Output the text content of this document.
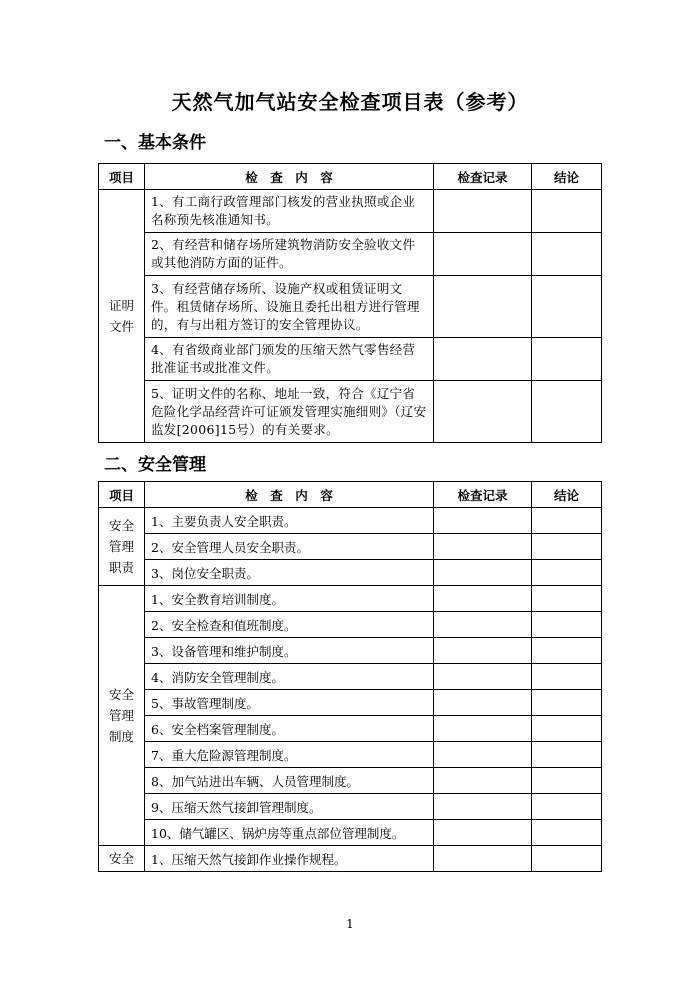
天然气加气站安全检查项目表（参考）
一、基本条件
项目	检　查　内　容	检查记录	结论
证明文件	1、有工商行政管理部门核发的营业执照或企业名称预先核准通知书。		
	2、有经营和储存场所建筑物消防安全验收文件或其他消防方面的证件。		
	3、有经营储存场所、设施产权或租赁证明文件。租赁储存场所、设施且委托出租方进行管理的，有与出租方签订的安全管理协议。		
	4、有省级商业部门颁发的压缩天然气零售经营批准证书或批准文件。		
	5、证明文件的名称、地址一致，符合《辽宁省危险化学品经营许可证颁发管理实施细则》（辽安监发[2006]15号）的有关要求。		
二、安全管理
项目	检　查　内　容	检查记录	结论
安全管理职责	1、主要负责人安全职责。		
	2、安全管理人员安全职责。		
	3、岗位安全职责。		
安全管理制度	1、安全教育培训制度。		
	2、安全检查和值班制度。		
	3、设备管理和维护制度。		
	4、消防安全管理制度。		
	5、事故管理制度。		
	6、安全档案管理制度。		
	7、重大危险源管理制度。		
	8、加气站进出车辆、人员管理制度。		
	9、压缩天然气接卸管理制度。		
	10、储气罐区、锅炉房等重点部位管理制度。		
安全	1、压缩天然气接卸作业操作规程。		
1
